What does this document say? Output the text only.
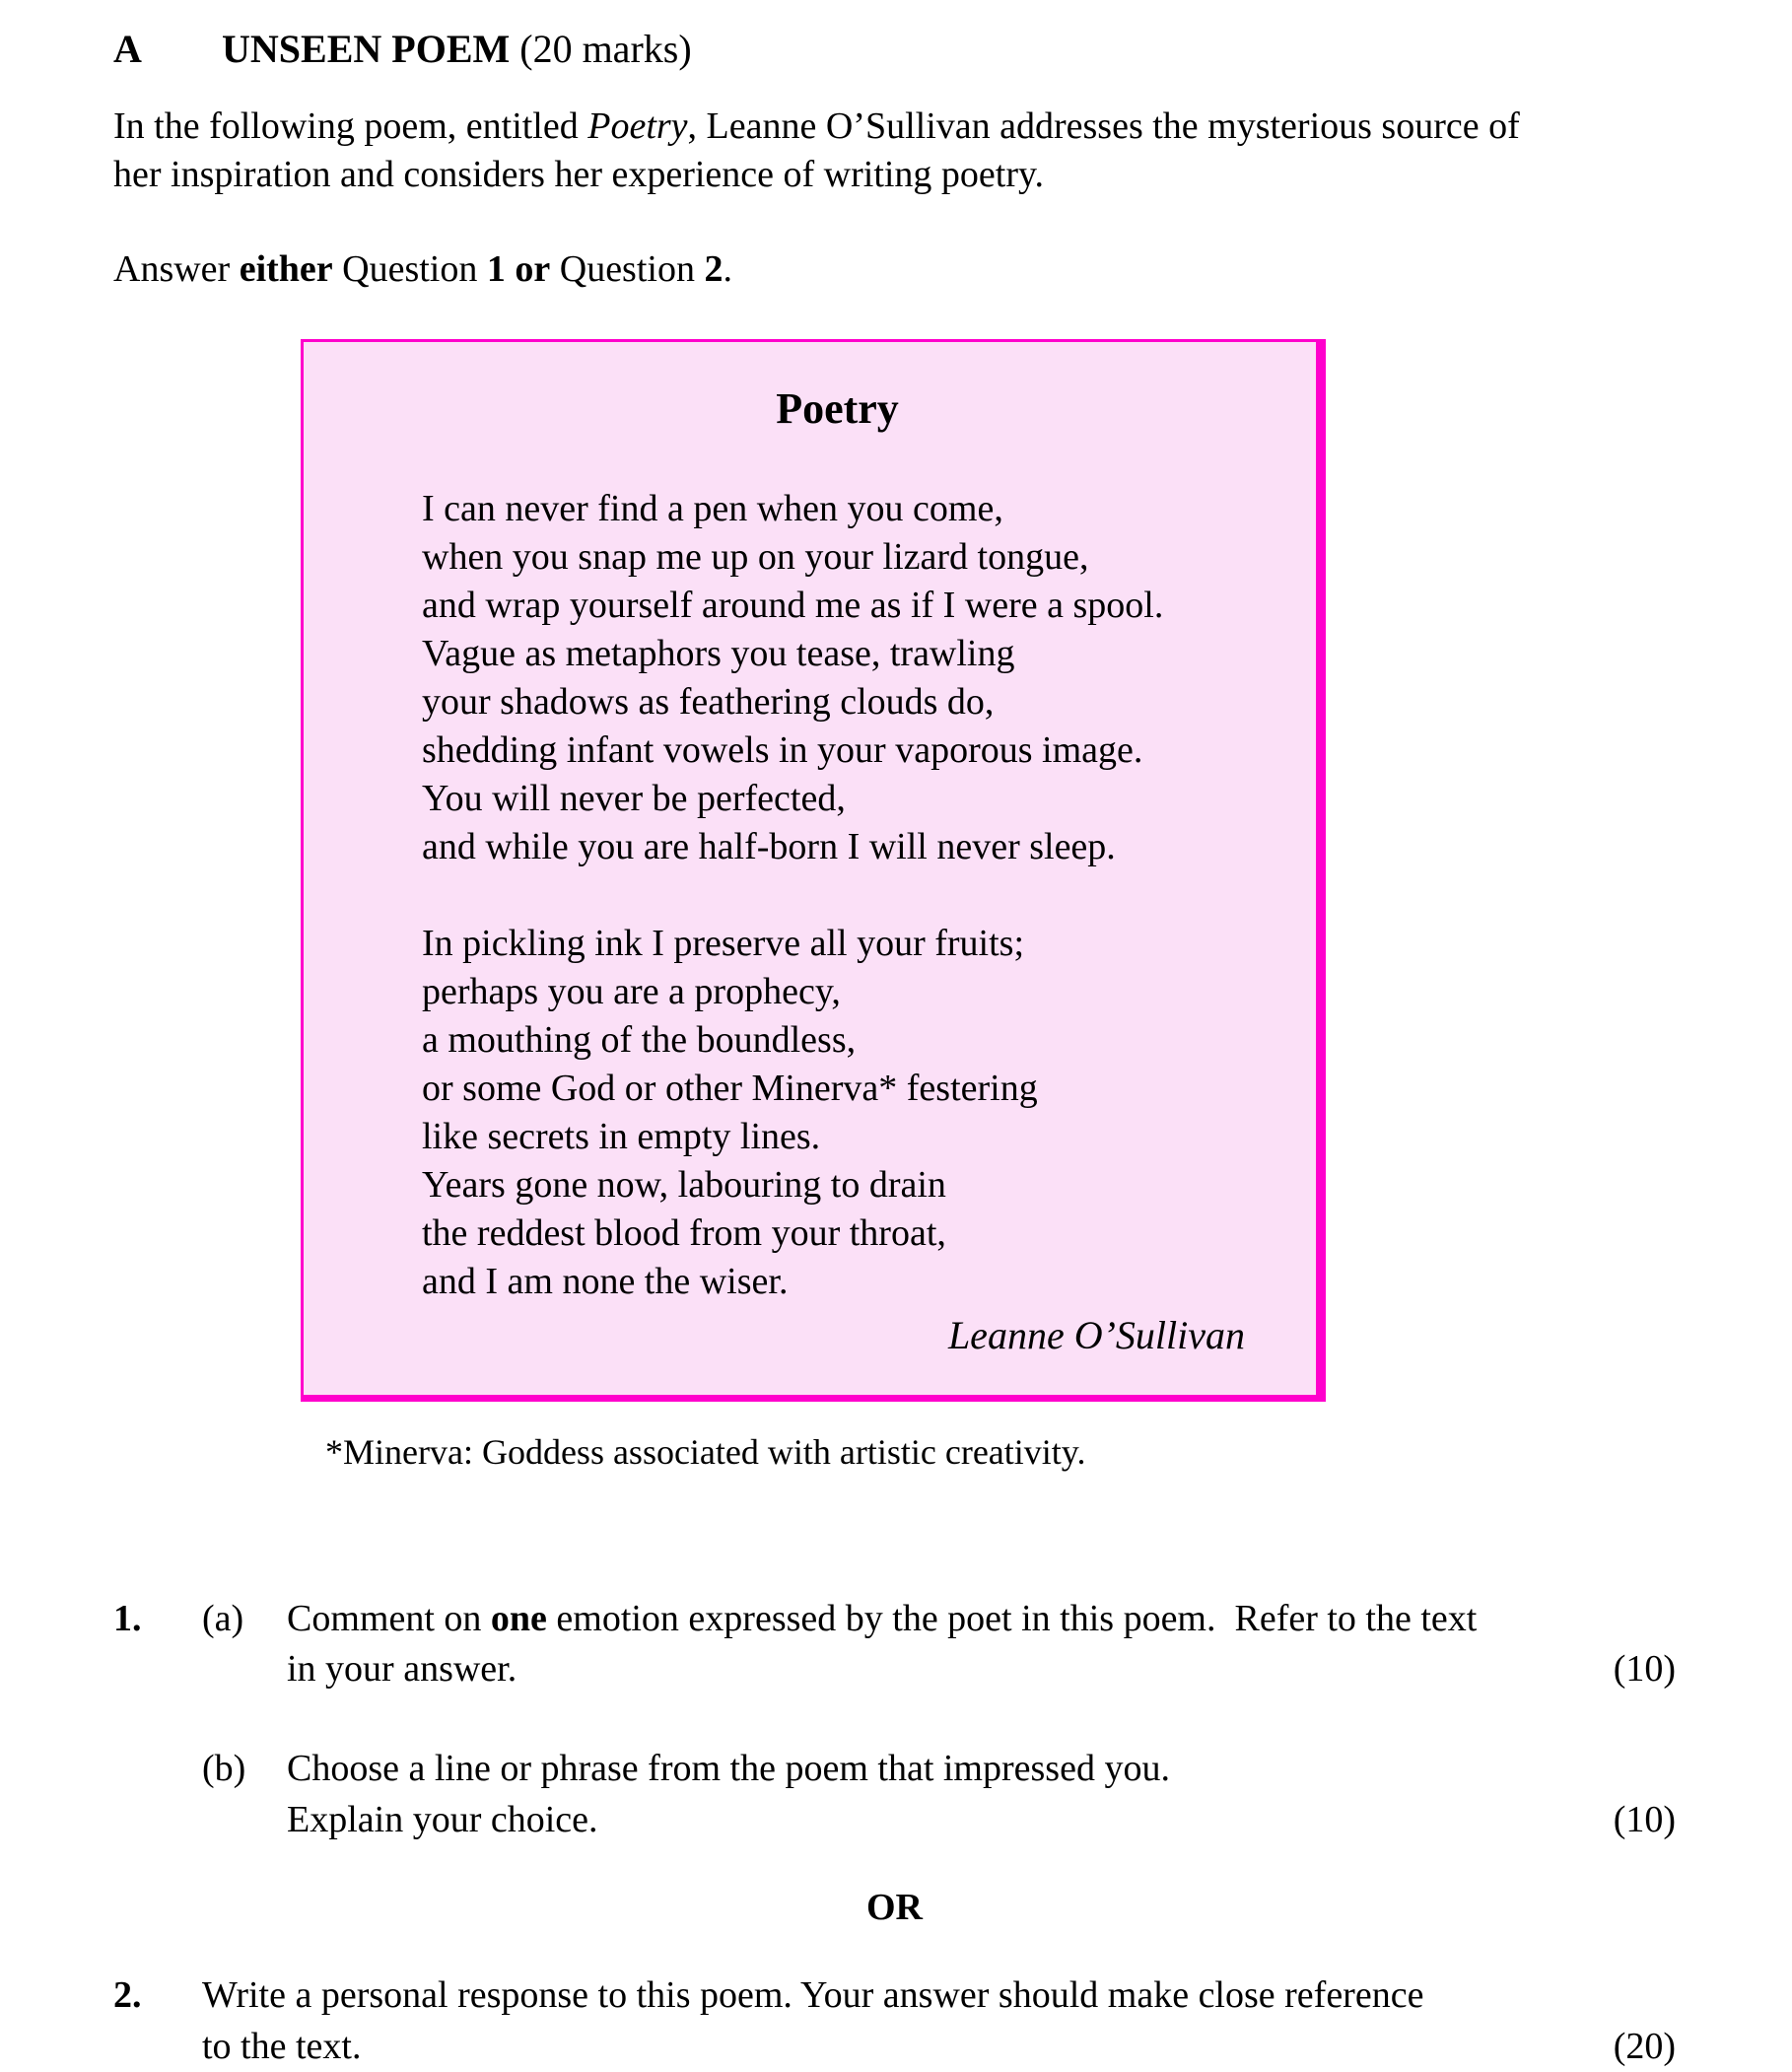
A UNSEEN POEM (20 marks)
In the following poem, entitled Poetry, Leanne O’Sullivan addresses the mysterious source of
her inspiration and considers her experience of writing poetry.
Answer either Question 1 or Question 2.
Poetry
I can never find a pen when you come,
when you snap me up on your lizard tongue,
and wrap yourself around me as if I were a spool.
Vague as metaphors you tease, trawling
your shadows as feathering clouds do,
shedding infant vowels in your vaporous image.
You will never be perfected,
and while you are half-born I will never sleep.
In pickling ink I preserve all your fruits;
perhaps you are a prophecy,
a mouthing of the boundless,
or some God or other Minerva* festering
like secrets in empty lines.
Years gone now, labouring to drain
the reddest blood from your throat,
and I am none the wiser.
Leanne O’Sullivan
*Minerva: Goddess associated with artistic creativity.
1.	(a)	Comment on one emotion expressed by the poet in this poem.  Refer to the text
in your answer.	(10)
(b)	Choose a line or phrase from the poem that impressed you.
Explain your choice.	(10)
OR
2.	Write a personal response to this poem. Your answer should make close reference
to the text.	(20)
